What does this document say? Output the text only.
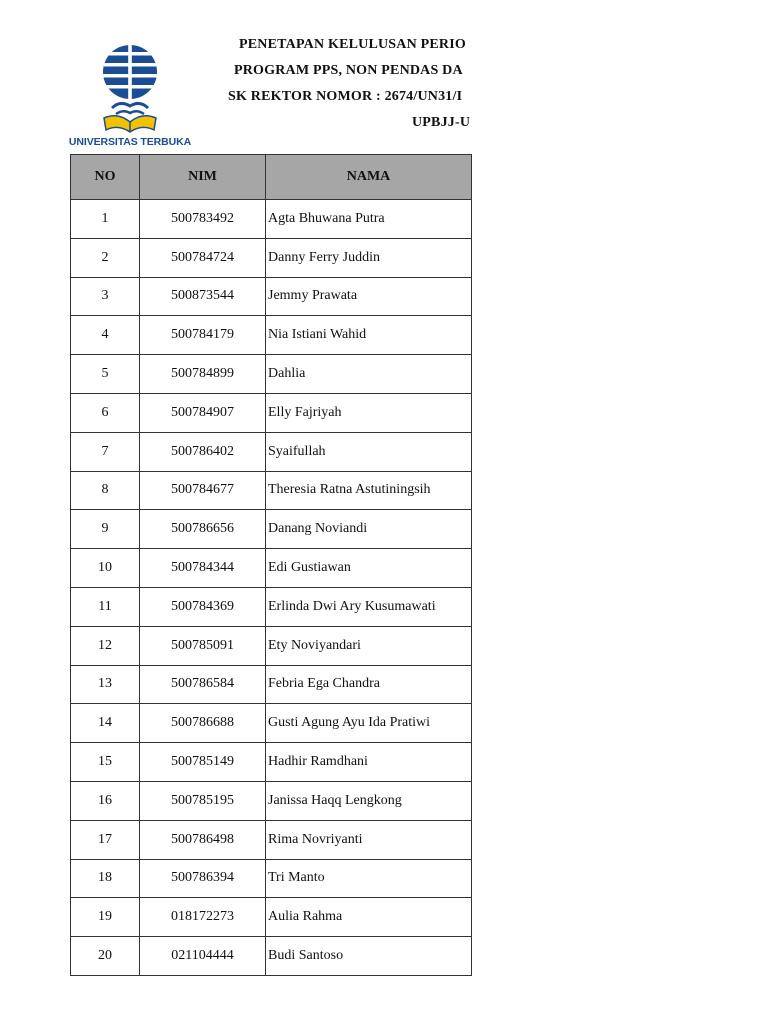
UNIVERSITAS TERBUKA
PENETAPAN KELULUSAN PERIO
PROGRAM PPS, NON PENDAS DA
SK REKTOR NOMOR : 2674/UN31/I
UPBJJ-U
NO	NIM	NAMA
1	500783492	Agta Bhuwana Putra
2	500784724	Danny Ferry Juddin
3	500873544	Jemmy Prawata
4	500784179	Nia Istiani Wahid
5	500784899	Dahlia
6	500784907	Elly Fajriyah
7	500786402	Syaifullah
8	500784677	Theresia Ratna Astutiningsih
9	500786656	Danang Noviandi
10	500784344	Edi Gustiawan
11	500784369	Erlinda Dwi Ary Kusumawati
12	500785091	Ety Noviyandari
13	500786584	Febria Ega Chandra
14	500786688	Gusti Agung Ayu Ida Pratiwi
15	500785149	Hadhir Ramdhani
16	500785195	Janissa Haqq Lengkong
17	500786498	Rima Novriyanti
18	500786394	Tri Manto
19	018172273	Aulia Rahma
20	021104444	Budi Santoso
